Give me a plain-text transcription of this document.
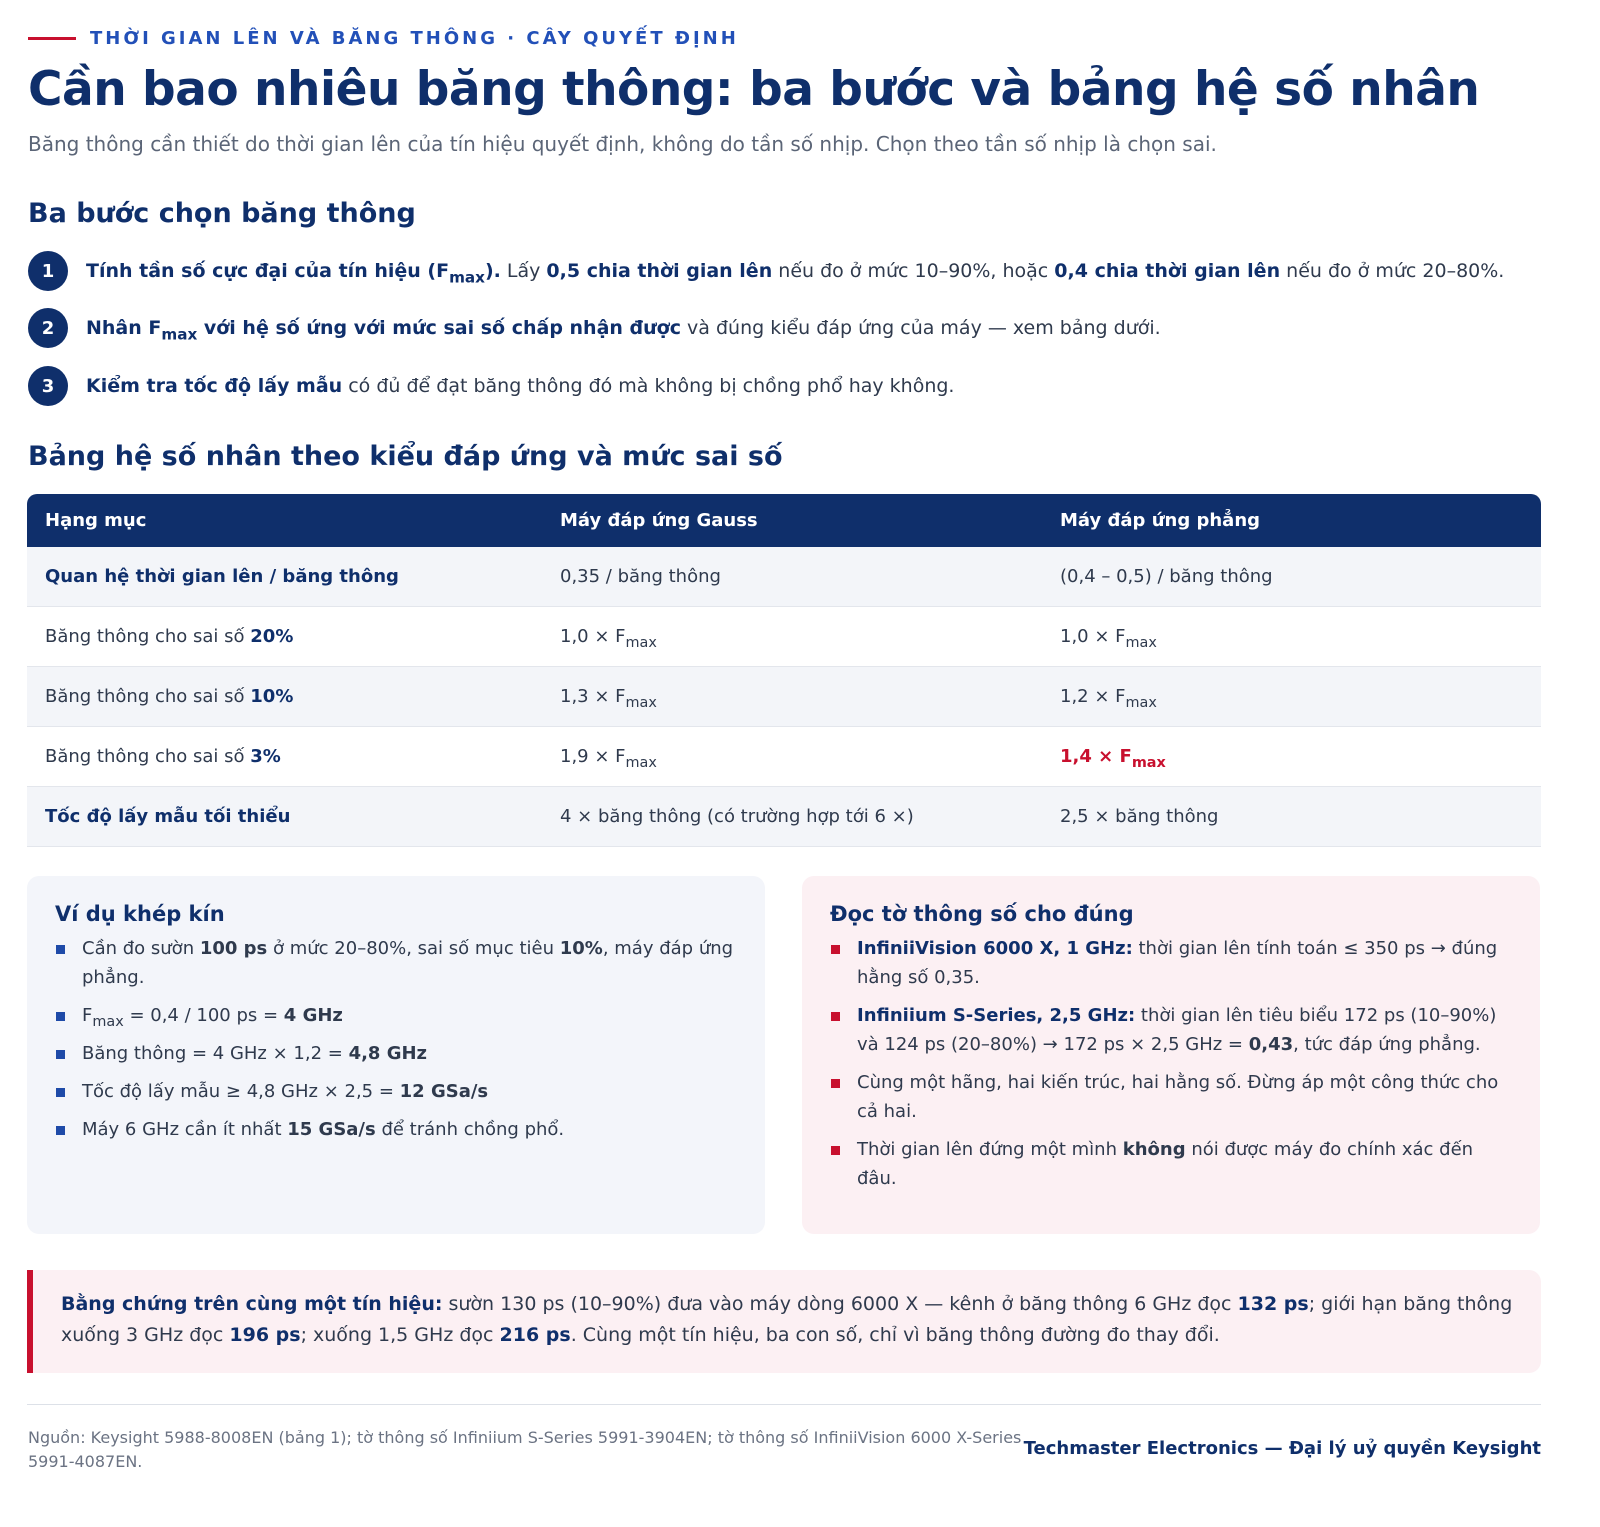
THỜI GIAN LÊN VÀ BĂNG THÔNG · CÂY QUYẾT ĐỊNH
Cần bao nhiêu băng thông: ba bước và bảng hệ số nhân
Băng thông cần thiết do thời gian lên của tín hiệu quyết định, không do tần số nhịp. Chọn theo tần số nhịp là chọn sai.
Ba bước chọn băng thông
1	Tính tần số cực đại của tín hiệu $(F_{max})$. Lấy 0,5 chia thời gian lên nếu đo ở mức 10–90%, hoặc 0,4 chia thời gian lên nếu đo ở mức 20–80%.
2	Nhân $F_{max}$ với hệ số ứng với mức sai số chấp nhận được và đúng kiểu đáp ứng của máy — xem bảng dưới.
3	Kiểm tra tốc độ lấy mẫu có đủ để đạt băng thông đó mà không bị chồng phổ hay không.
Bảng hệ số nhân theo kiểu đáp ứng và mức sai số
Hạng mục	Máy đáp ứng Gauss	Máy đáp ứng phẳng
Quan hệ thời gian lên / băng thông	0,35 / băng thông	(0,4 – 0,5) / băng thông
Băng thông cho sai số 20%	$1,0 \times F_{max}$	$1,0 \times F_{max}$
Băng thông cho sai số 10%	$1,3 \times F_{max}$	$1,2 \times F_{max}$
Băng thông cho sai số 3%	$1,9 \times F_{max}$	$1,4 \times F_{max}$
Tốc độ lấy mẫu tối thiểu	4 × băng thông (có trường hợp tới 6 ×)	2,5 × băng thông
Ví dụ khép kín
Cần đo sườn 100 ps ở mức 20–80%, sai số mục tiêu 10%, máy đáp ứng phẳng.
$F_{max} = 0,4 / 100$ ps = 4 GHz
Băng thông = 4 GHz × 1,2 = 4,8 GHz
Tốc độ lấy mẫu ≥ 4,8 GHz × 2,5 = 12 GSa/s
Máy 6 GHz cần ít nhất 15 GSa/s để tránh chồng phổ.
Đọc tờ thông số cho đúng
InfiniiVision 6000 X, 1 GHz: thời gian lên tính toán ≤ 350 ps → đúng hằng số 0,35.
Infiniium S-Series, 2,5 GHz: thời gian lên tiêu biểu 172 ps (10–90%) và 124 ps (20–80%) → 172 ps × 2,5 GHz = 0,43, tức đáp ứng phẳng.
Cùng một hãng, hai kiến trúc, hai hằng số. Đừng áp một công thức cho cả hai.
Thời gian lên đứng một mình không nói được máy đo chính xác đến đâu.
Bằng chứng trên cùng một tín hiệu: sườn 130 ps (10–90%) đưa vào máy dòng 6000 X — kênh ở băng thông 6 GHz đọc 132 ps; giới hạn băng thông xuống 3 GHz đọc 196 ps; xuống 1,5 GHz đọc 216 ps. Cùng một tín hiệu, ba con số, chỉ vì băng thông đường đo thay đổi.
Nguồn: Keysight 5988-8008EN (bảng 1); tờ thông số Infiniium S-Series 5991-3904EN; tờ thông số InfiniiVision 6000 X-Series 5991-4087EN.
Techmaster Electronics — Đại lý uỷ quyền Keysight
